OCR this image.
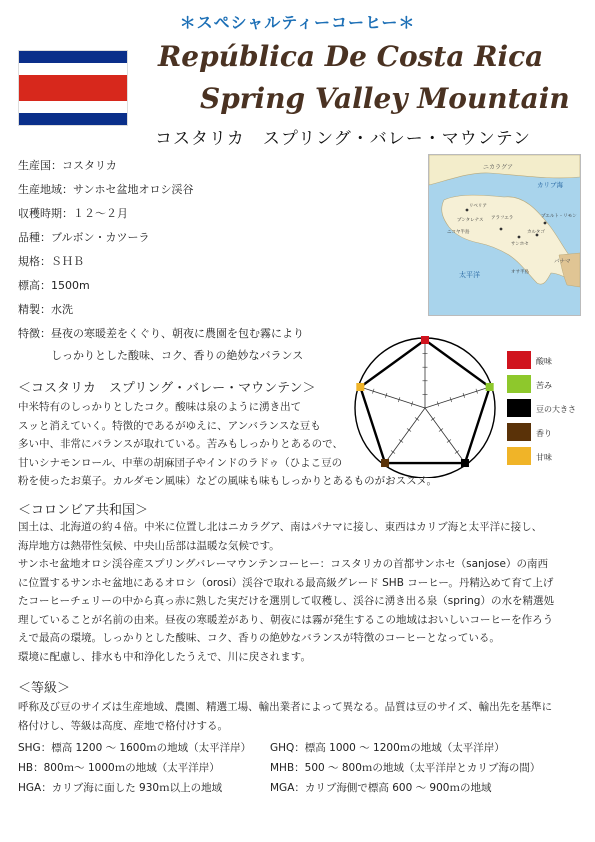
＊スペシャルティーコーヒー＊
República De Costa Rica
Spring Valley Mountain
コスタリカ　スプリング・バレー・マウンテン
生産国：コスタリカ
生産地域：サンホセ盆地オロシ渓谷
収穫時期：１２～２月
品種：ブルボン・カツーラ
規格：ＳＨＢ
標高：1500m
精製：水洗
特徴：昼夜の寒暖差をくぐり、朝夜に農園を包む霧により
　　　しっかりとした酸味、コク、香りの絶妙なバランス
ニカラグア
カリブ海
太平洋
パナマ
リベリア
プエルト・リモン
ニコヤ半島
サンホセ
オサ半島
カルタゴ
アラフエラ
プンタレナス
酸味
苦み
豆の大きさ
香り
甘味
＜コスタリカ　スプリング・バレー・マウンテン＞
中米特有のしっかりとしたコク。酸味は泉のように湧き出て
スッと消えていく。特徴的であるがゆえに、アンバランスな豆も
多い中、非常にバランスが取れている。苦みもしっかりとあるので、
甘いシナモンロール、中華の胡麻団子やインドのラドゥ（ひよこ豆の
粉を使ったお菓子。カルダモン風味）などの風味も味もしっかりとあるものがおススメ。
＜コロンビア共和国＞
国土は、北海道の約４倍。中米に位置し北はニカラグア、南はパナマに接し、東西はカリブ海と太平洋に接し、
海岸地方は熱帯性気候、中央山岳部は温暖な気候です。
サンホセ盆地オロシ渓谷産スプリングバレーマウンテンコーヒー：コスタリカの首都サンホセ（sanjose）の南西
に位置するサンホセ盆地にあるオロシ（orosi）渓谷で取れる最高級グレード SHB コーヒー。丹精込めて育て上げ
たコーヒーチェリーの中から真っ赤に熟した実だけを選別して収穫し、渓谷に湧き出る泉（spring）の水を精選処
理していることが名前の由来。昼夜の寒暖差があり、朝夜には霧が発生するこの地域はおいしいコーヒーを作ろう
えで最高の環境。しっかりとした酸味、コク、香りの絶妙なバランスが特徴のコーヒーとなっている。
環境に配慮し、排水も中和浄化したうえで、川に戻されます。
＜等級＞
呼称及び豆のサイズは生産地域、農園、精選工場、輸出業者によって異なる。品質は豆のサイズ、輸出先を基準に
格付けし、等級は高度、産地で格付けする。
SHG：標高 1200 ～ 1600ｍの地域（太平洋岸） GHQ：標高 1000 ～ 1200ｍの地域（太平洋岸）
HB：800ｍ～ 1000ｍの地域（太平洋岸）	MHB：500 ～ 800ｍの地域（太平洋岸とカリブ海の間）
HGA：カリブ海に面した 930ｍ以上の地域	MGA：カリブ海側で標高 600 ～ 900ｍの地域
